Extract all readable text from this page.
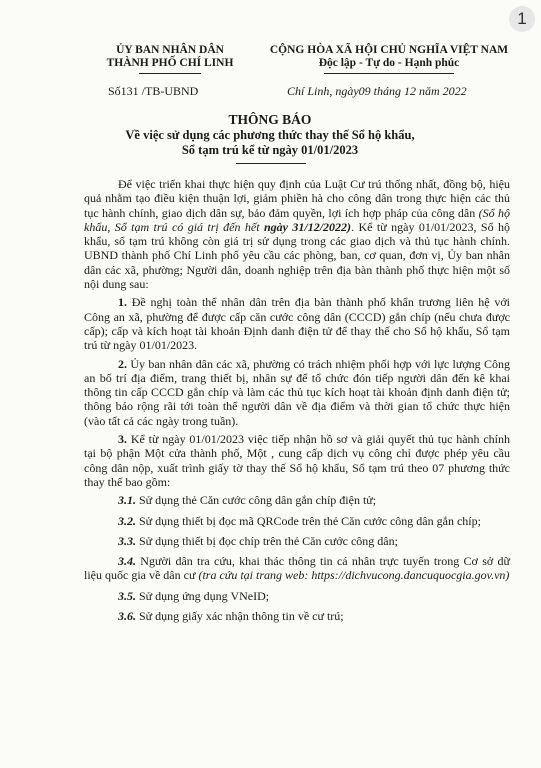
1
ỦY BAN NHÂN DÂN
THÀNH PHỐ CHÍ LINH
CỘNG HÒA XÃ HỘI CHỦ NGHĨA VIỆT NAM
Độc lập - Tự do - Hạnh phúc
Số131 /TB-UBND	Chí Linh, ngày09 tháng 12 năm 2022
THÔNG BÁO
Về việc sử dụng các phương thức thay thế Sổ hộ khẩu,
Sổ tạm trú kể từ ngày 01/01/2023

Để việc triển khai thực hiện quy định của Luật Cư trú thống nhất, đồng bộ, hiệu quả nhằm tạo điều kiện thuận lợi, giảm phiền hà cho công dân trong thực hiện các thủ tục hành chính, giao dịch dân sự, bảo đảm quyền, lợi ích hợp pháp của công dân (Sổ hộ khẩu, Sổ tạm trú có giá trị đến hết ngày 31/12/2022). Kể từ ngày 01/01/2023, Sổ hộ khẩu, sổ tạm trú không còn giá trị sử dụng trong các giao dịch và thủ tục hành chính. UBND thành phố Chí Linh phố yêu cầu các phòng, ban, cơ quan, đơn vị, Ủy ban nhân dân các xã, phường; Người dân, doanh nghiệp trên địa bàn thành phố thực hiện một số nội dung sau:

1. Đề nghị toàn thể nhân dân trên địa bàn thành phố khẩn trương liên hệ với Công an xã, phường để được cấp căn cước công dân (CCCD) gắn chíp (nếu chưa được cấp); cấp và kích hoạt tài khoản Định danh điện tử để thay thế cho Sổ hộ khẩu, Sổ tạm trú từ ngày 01/01/2023.

2. Ủy ban nhân dân các xã, phường có trách nhiệm phối hợp với lực lượng Công an bố trí địa điểm, trang thiết bị, nhân sự để tổ chức đón tiếp người dân đến kê khai thông tin cấp CCCD gắn chíp và làm các thủ tục kích hoạt tài khoản định danh điện tử; thông báo rộng rãi tới toàn thể người dân về địa điểm và thời gian tổ chức thực hiện (vào tất cả các ngày trong tuần).

3. Kể từ ngày 01/01/2023 việc tiếp nhận hồ sơ và giải quyết thủ tục hành chính tại bộ phận Một cửa thành phố, Một , cung cấp dịch vụ công chỉ được phép yêu cầu công dân nộp, xuất trình giấy tờ thay thế Sổ hộ khẩu, Sổ tạm trú theo 07 phương thức thay thế bao gồm:

3.1. Sử dụng thẻ Căn cước công dân gắn chíp điện tử;

3.2. Sử dụng thiết bị đọc mã QRCode trên thẻ Căn cước công dân gắn chíp;

3.3. Sử dụng thiết bị đọc chíp trên thẻ Căn cước công dân;

3.4. Người dân tra cứu, khai thác thông tin cá nhân trực tuyến trong Cơ sở dữ liệu quốc gia về dân cư (tra cứu tại trang web: https://dichvucong.dancuquocgia.gov.vn)

3.5. Sử dụng ứng dụng VNeID;

3.6. Sử dụng giấy xác nhận thông tin về cư trú;
